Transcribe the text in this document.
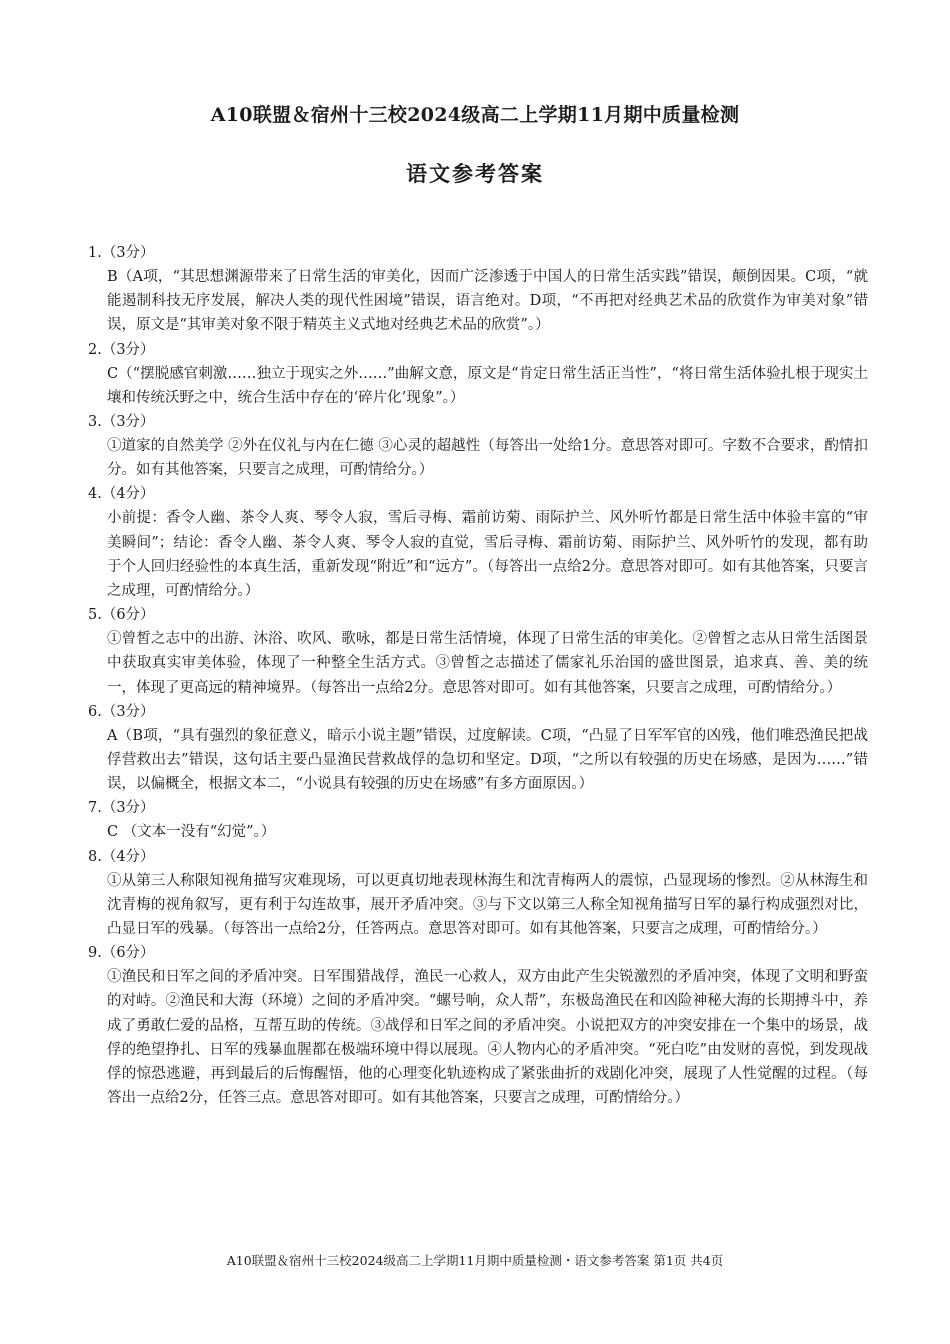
A10联盟＆宿州十三校2024级高二上学期11月期中质量检测
语文参考答案
1.（3分）
B（A项，“其思想渊源带来了日常生活的审美化，因而广泛渗透于中国人的日常生活实践”错误，颠倒因果。C项，“就能遏制科技无序发展，解决人类的现代性困境”错误，语言绝对。D项，“不再把对经典艺术品的欣赏作为审美对象”错误，原文是“其审美对象不限于精英主义式地对经典艺术品的欣赏”。）
2.（3分）
C（“摆脱感官刺激……独立于现实之外……”曲解文意，原文是“肯定日常生活正当性”，“将日常生活体验扎根于现实土壤和传统沃野之中，统合生活中存在的‘碎片化’现象”。）
3.（3分）
①道家的自然美学 ②外在仪礼与内在仁德 ③心灵的超越性（每答出一处给1分。意思答对即可。字数不合要求，酌情扣分。如有其他答案，只要言之成理，可酌情给分。）
4.（4分）
小前提：香令人幽、茶令人爽、琴令人寂，雪后寻梅、霜前访菊、雨际护兰、风外听竹都是日常生活中体验丰富的“审美瞬间”；结论：香令人幽、茶令人爽、琴令人寂的直觉，雪后寻梅、霜前访菊、雨际护兰、风外听竹的发现，都有助于个人回归经验性的本真生活，重新发现“附近”和“远方”。（每答出一点给2分。意思答对即可。如有其他答案，只要言之成理，可酌情给分。）
5.（6分）
①曾皙之志中的出游、沐浴、吹风、歌咏，都是日常生活情境，体现了日常生活的审美化。②曾皙之志从日常生活图景中获取真实审美体验，体现了一种整全生活方式。③曾皙之志描述了儒家礼乐治国的盛世图景，追求真、善、美的统一，体现了更高远的精神境界。（每答出一点给2分。意思答对即可。如有其他答案，只要言之成理，可酌情给分。）
6.（3分）
A（B项，“具有强烈的象征意义，暗示小说主题”错误，过度解读。C项，“凸显了日军军官的凶残，他们唯恐渔民把战俘营救出去”错误，这句话主要凸显渔民营救战俘的急切和坚定。D项，“之所以有较强的历史在场感，是因为……”错误，以偏概全，根据文本二，“小说具有较强的历史在场感”有多方面原因。）
7.（3分）
C （文本一没有“幻觉”。）
8.（4分）
①从第三人称限知视角描写灾难现场，可以更真切地表现林海生和沈青梅两人的震惊，凸显现场的惨烈。②从林海生和沈青梅的视角叙写，更有利于勾连故事，展开矛盾冲突。③与下文以第三人称全知视角描写日军的暴行构成强烈对比，凸显日军的残暴。（每答出一点给2分，任答两点。意思答对即可。如有其他答案，只要言之成理，可酌情给分。）
9.（6分）
①渔民和日军之间的矛盾冲突。日军围猎战俘，渔民一心救人，双方由此产生尖锐激烈的矛盾冲突，体现了文明和野蛮的对峙。②渔民和大海（环境）之间的矛盾冲突。“螺号响，众人帮”，东极岛渔民在和凶险神秘大海的长期搏斗中，养成了勇敢仁爱的品格，互帮互助的传统。③战俘和日军之间的矛盾冲突。小说把双方的冲突安排在一个集中的场景，战俘的绝望挣扎、日军的残暴血腥都在极端环境中得以展现。④人物内心的矛盾冲突。“死白吃”由发财的喜悦，到发现战俘的惊恐逃避，再到最后的后悔醒悟，他的心理变化轨迹构成了紧张曲折的戏剧化冲突，展现了人性觉醒的过程。（每答出一点给2分，任答三点。意思答对即可。如有其他答案，只要言之成理，可酌情给分。）
A10联盟＆宿州十三校2024级高二上学期11月期中质量检测・语文参考答案 第1页 共4页
